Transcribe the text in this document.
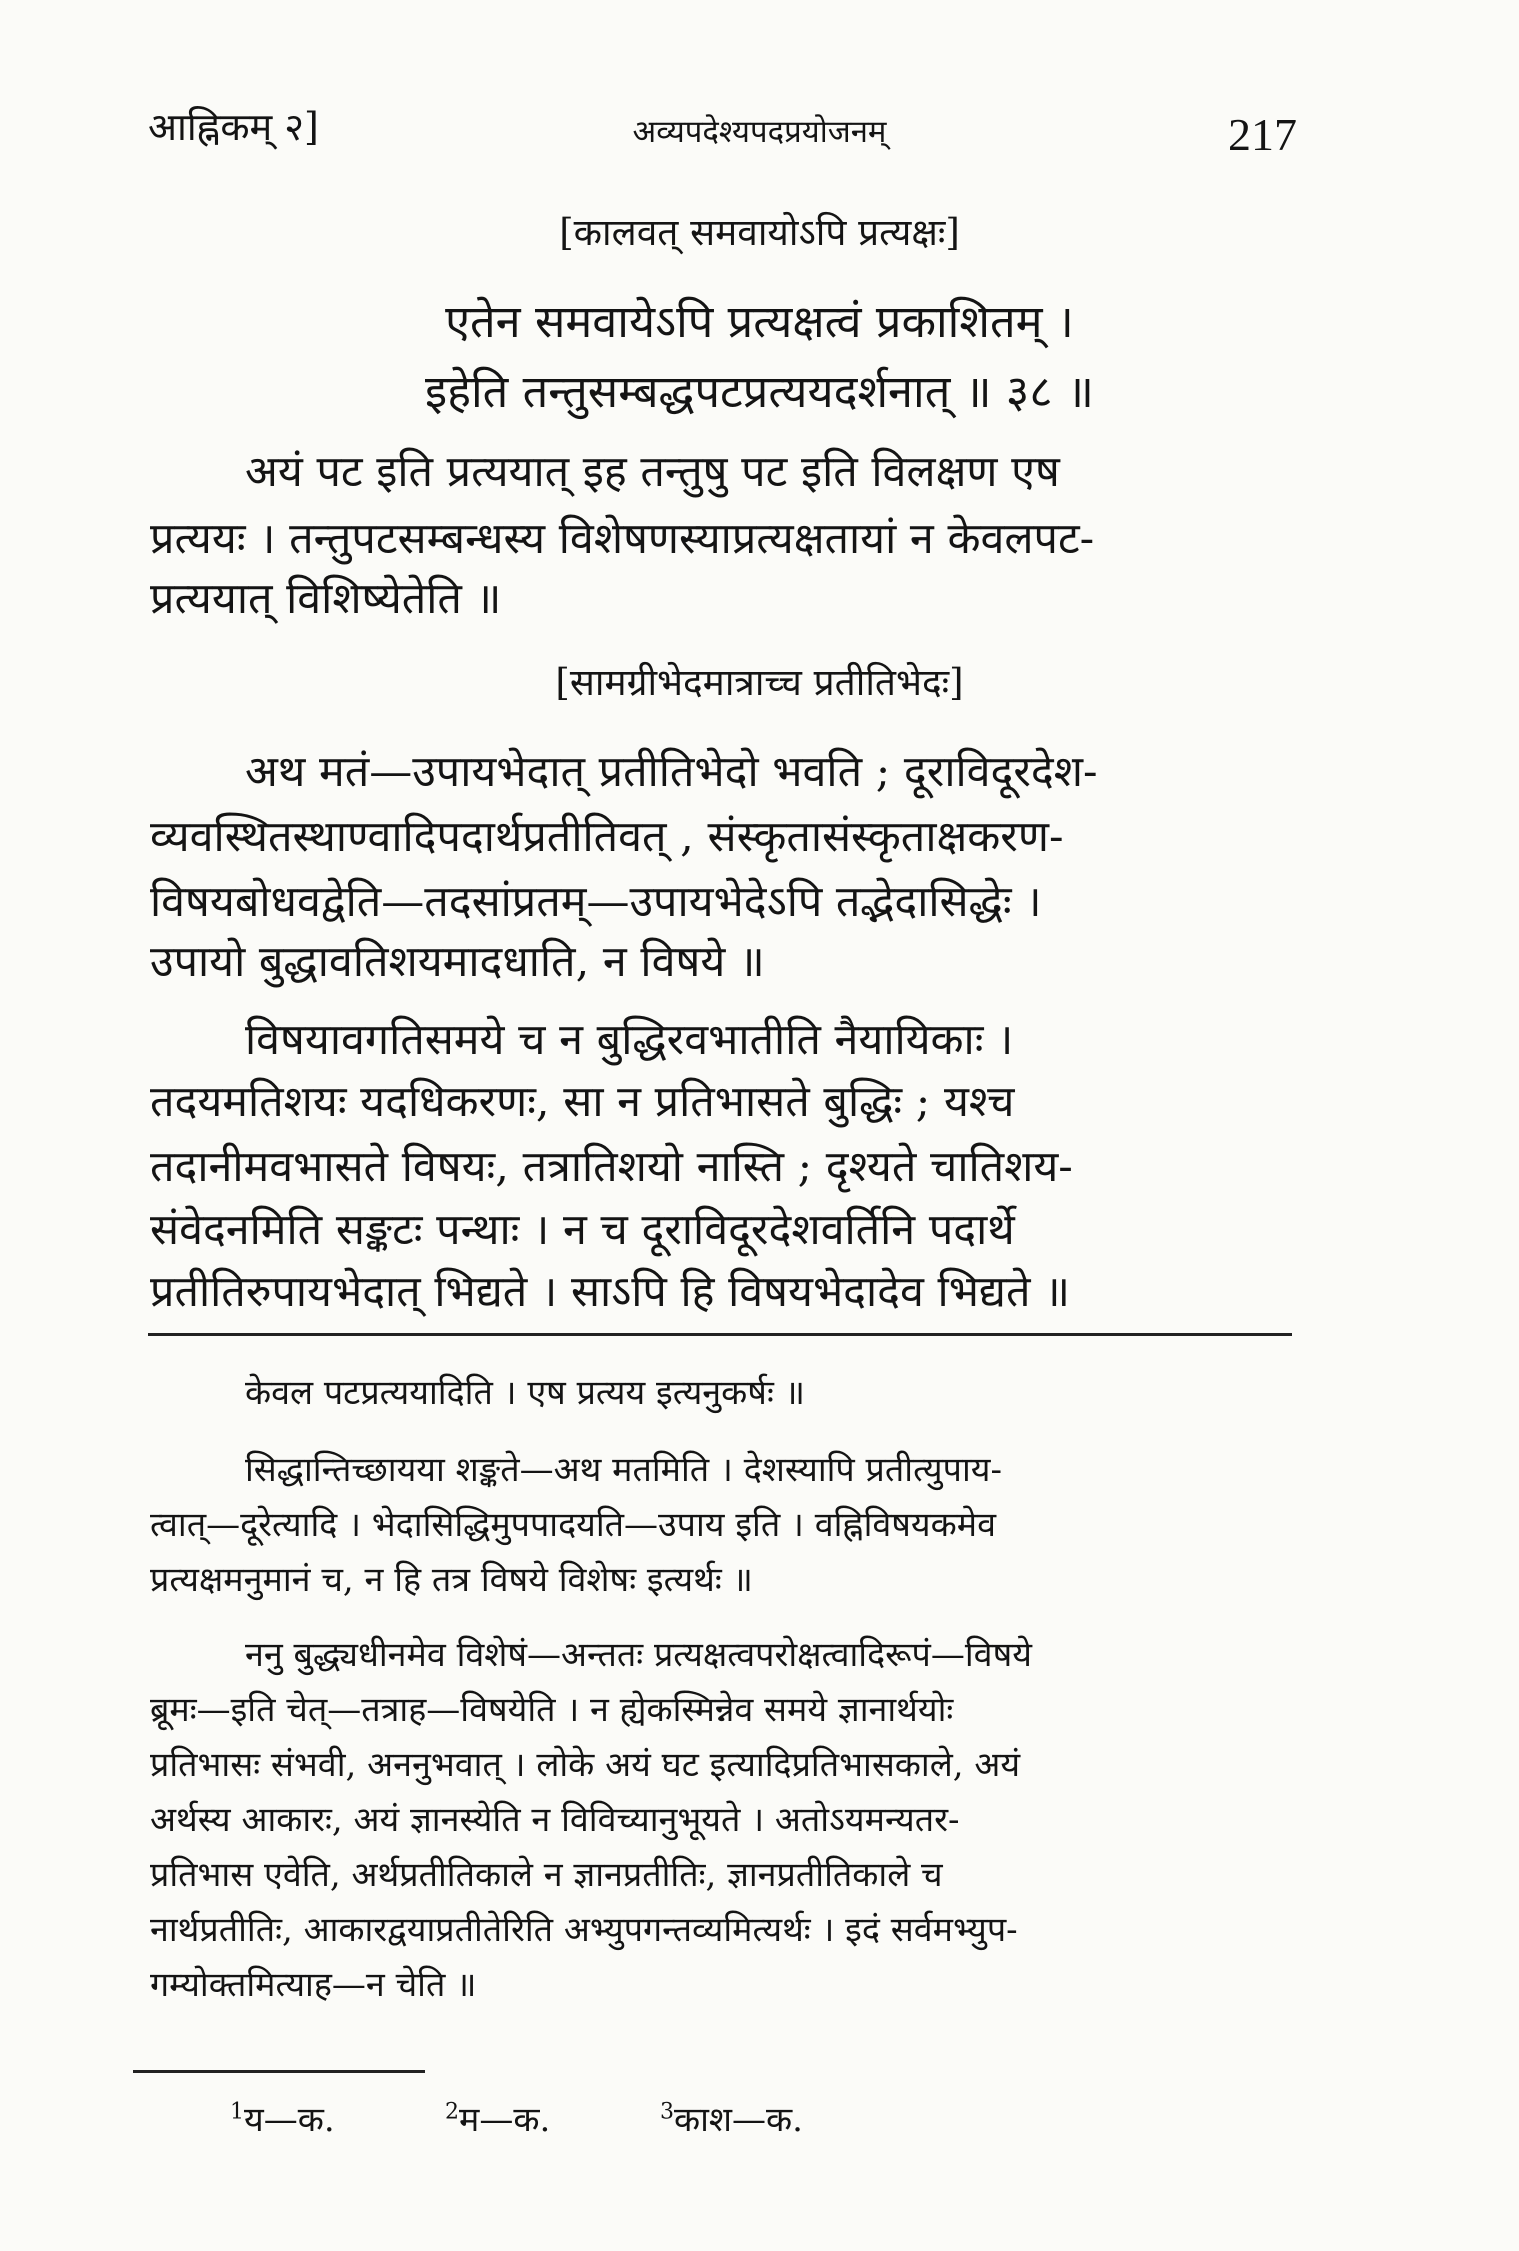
आह्निकम् २]	अव्यपदेश्यपदप्रयोजनम्	217
[कालवत् समवायोऽपि प्रत्यक्षः]
एतेन समवायेऽपि प्रत्यक्षत्वं प्रकाशितम् ।
इहेति तन्तुसम्बद्धपटप्रत्ययदर्शनात् ॥ ३८ ॥
अयं पट इति प्रत्ययात् इह तन्तुषु पट इति विलक्षण एष
प्रत्ययः । तन्तुपटसम्बन्धस्य विशेषणस्याप्रत्यक्षतायां न केवलपट-
प्रत्ययात् विशिष्येतेति ॥
[सामग्रीभेदमात्राच्च प्रतीतिभेदः]
अथ मतं—उपायभेदात् प्रतीतिभेदो भवति ; दूराविदूरदेश-
व्यवस्थितस्थाण्वादिपदार्थप्रतीतिवत् , संस्कृतासंस्कृताक्षकरण-
विषयबोधवद्वेति—तदसांप्रतम्—उपायभेदेऽपि तद्भेदासिद्धेः ।
उपायो बुद्धावतिशयमादधाति, न विषये ॥
विषयावगतिसमये च न बुद्धिरवभातीति नैयायिकाः ।
तदयमतिशयः यदधिकरणः, सा न प्रतिभासते बुद्धिः ; यश्च
तदानीमवभासते विषयः, तत्रातिशयो नास्ति ; दृश्यते चातिशय-
संवेदनमिति सङ्कटः पन्थाः । न च दूराविदूरदेशवर्तिनि पदार्थे
प्रतीतिरुपायभेदात् भिद्यते । साऽपि हि विषयभेदादेव भिद्यते ॥
केवल पटप्रत्ययादिति । एष प्रत्यय इत्यनुकर्षः ॥
सिद्धान्तिच्छायया शङ्कते—अथ मतमिति । देशस्यापि प्रतीत्युपाय-
त्वात्—दूरेत्यादि । भेदासिद्धिमुपपादयति—उपाय इति । वह्निविषयकमेव
प्रत्यक्षमनुमानं च, न हि तत्र विषये विशेषः इत्यर्थः ॥
ननु बुद्ध्यधीनमेव विशेषं—अन्ततः प्रत्यक्षत्वपरोक्षत्वादिरूपं—विषये
ब्रूमः—इति चेत्—तत्राह—विषयेति । न ह्येकस्मिन्नेव समये ज्ञानार्थयोः
प्रतिभासः संभवी, अननुभवात् । लोके अयं घट इत्यादिप्रतिभासकाले, अयं
अर्थस्य आकारः, अयं ज्ञानस्येति न विविच्यानुभूयते । अतोऽयमन्यतर-
प्रतिभास एवेति, अर्थप्रतीतिकाले न ज्ञानप्रतीतिः, ज्ञानप्रतीतिकाले च
नार्थप्रतीतिः, आकारद्वयाप्रतीतेरिति अभ्युपगन्तव्यमित्यर्थः । इदं सर्वमभ्युप-
गम्योक्तमित्याह—न चेति ॥
$^1$य—क.	$^2$म—क.	$^3$काश—क.
